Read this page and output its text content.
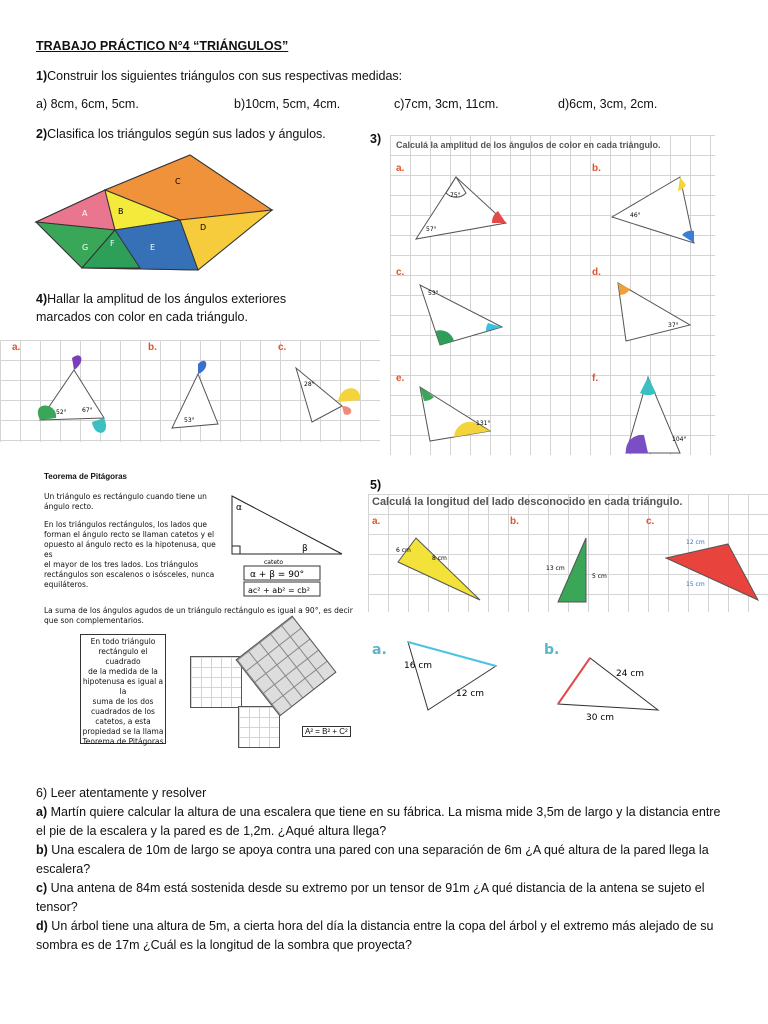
TRABAJO PRÁCTICO N°4 “TRIÁNGULOS”
1)Construir los siguientes triángulos con sus respectivas medidas:
a) 8cm, 6cm, 5cm.	b)10cm, 5cm, 4cm.	c)7cm, 3cm, 11cm.	d)6cm, 3cm, 2cm.
2)Clasifica los triángulos según sus lados y ángulos.
C
A	B
D
E
F
G
3) Calculá la amplitud de los ángulos de color en cada triángulo.
a.	b.
c.	d.
e.	f.
75°
57°
46°
53°
37°
131°
104°
4)Hallar la amplitud de los ángulos exteriores
marcados con color en cada triángulo.
a.	b.	c.
52°	67°
53°
28°
Teorema de Pitágoras
Un triángulo es rectángulo cuando tiene un
ángulo recto.
En los triángulos rectángulos, los lados que
forman el ángulo recto se llaman catetos y el
opuesto al ángulo recto es la hipotenusa, que es
el mayor de los tres lados. Los triángulos
rectángulos son escalenos o isósceles, nunca
equiláteros.
α
β
cateto
α + β = 90°
ac² + ab² = cb²
La suma de los ángulos agudos de un triángulo rectángulo es igual a 90°, es decir
que son complementarios.
En todo triángulo
rectángulo el cuadrado
de la medida de la
hipotenusa es igual a la
suma de los dos
cuadrados de los
catetos, a esta
propiedad se la llama
Teorema de Pitágoras
A² = B² + C²
5)
Calculá la longitud del lado desconocido en cada triángulo.
a.	b.	c.
6 cm
8 cm
13 cm
5 cm
12 cm
15 cm
a.
16 cm
12 cm
b.
24 cm
30 cm
6) Leer atentamente y resolver
a) Martín quiere calcular la altura de una escalera que tiene en su fábrica. La misma mide 3,5m de largo y la distancia entre
el pie de la escalera y la pared es de 1,2m. ¿Aqué altura llega?
b) Una escalera de 10m de largo se apoya contra una pared con una separación de 6m ¿A qué altura de la pared llega la
escalera?
c) Una antena de 84m está sostenida desde su extremo por un tensor de 91m ¿A qué distancia de la antena se sujeto el
tensor?
d) Un árbol tiene una altura de 5m, a cierta hora del día la distancia entre la copa del árbol y el extremo más alejado de su
sombra es de 17m ¿Cuál es la longitud de la sombra que proyecta?
